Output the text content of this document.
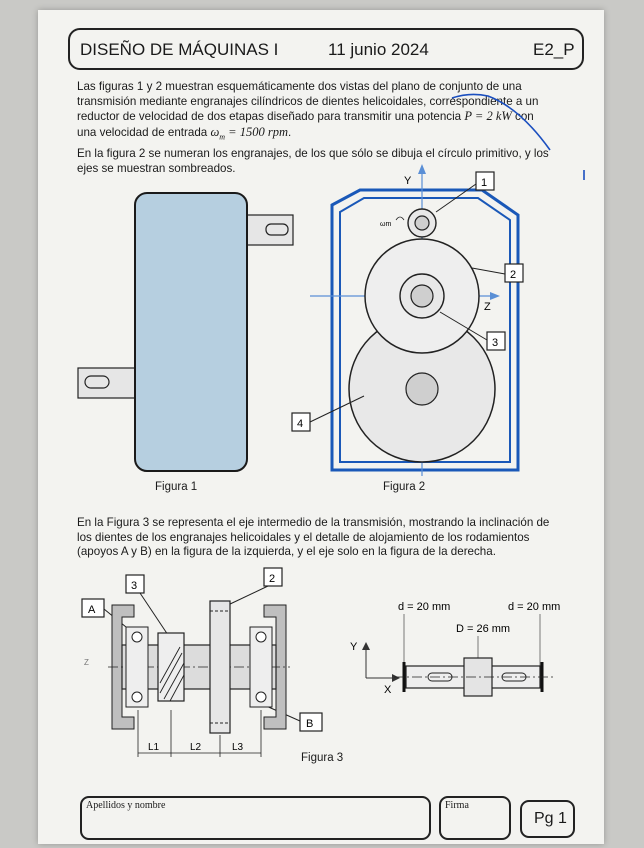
DISEÑO DE MÁQUINAS I	11 junio 2024	E2_P
Las figuras 1 y 2 muestran esquemáticamente dos vistas del plano de conjunto de una
transmisión mediante engranajes cilíndricos de dientes helicoidales, correspondiente a un
reductor de velocidad de dos etapas diseñado para transmitir una potencia P = 2 kW con
una velocidad de entrada $\omega_m = 1500$ rpm.
En la figura 2 se numeran los engranajes, de los que sólo se dibuja el círculo primitivo, y los
ejes se muestran sombreados.
Figura 1
Y
Z
ωm
1
2
3
4
Figura 2
En la Figura 3 se representa el eje intermedio de la transmisión, mostrando la inclinación de
los dientes de los engranajes helicoidales y el detalle de alojamiento de los rodamientos
(apoyos A y B) en la figura de la izquierda, y el eje solo en la figura de la derecha.
3
2
A
B
Z
L1	L2	L3
Figura 3
d = 20 mm	d = 20 mm
D = 26 mm
Y
X
Apellidos y nombre	Firma
Pg 1
